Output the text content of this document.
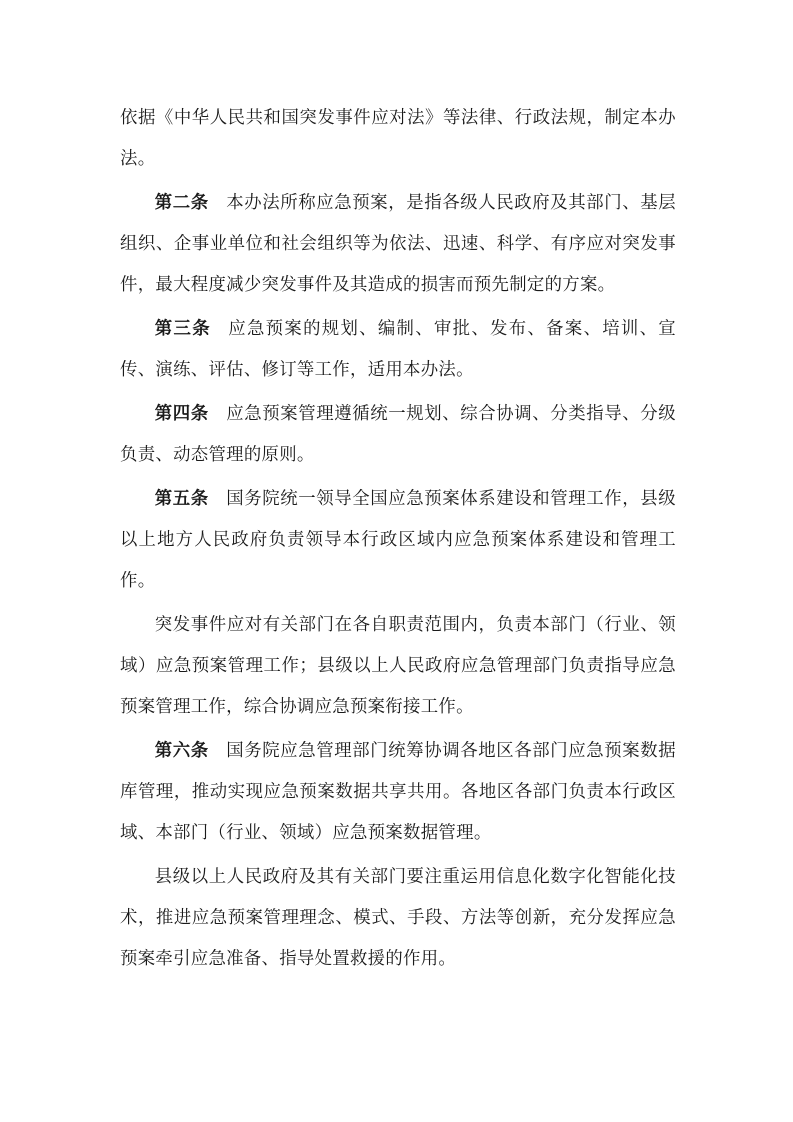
依据《中华人民共和国突发事件应对法》等法律、行政法规，制定本办法。

第二条 本办法所称应急预案，是指各级人民政府及其部门、基层组织、企事业单位和社会组织等为依法、迅速、科学、有序应对突发事件，最大程度减少突发事件及其造成的损害而预先制定的方案。

第三条 应急预案的规划、编制、审批、发布、备案、培训、宣传、演练、评估、修订等工作，适用本办法。

第四条 应急预案管理遵循统一规划、综合协调、分类指导、分级负责、动态管理的原则。

第五条 国务院统一领导全国应急预案体系建设和管理工作，县级以上地方人民政府负责领导本行政区域内应急预案体系建设和管理工作。

突发事件应对有关部门在各自职责范围内，负责本部门（行业、领域）应急预案管理工作；县级以上人民政府应急管理部门负责指导应急预案管理工作，综合协调应急预案衔接工作。

第六条 国务院应急管理部门统筹协调各地区各部门应急预案数据库管理，推动实现应急预案数据共享共用。各地区各部门负责本行政区域、本部门（行业、领域）应急预案数据管理。

县级以上人民政府及其有关部门要注重运用信息化数字化智能化技术，推进应急预案管理理念、模式、手段、方法等创新，充分发挥应急预案牵引应急准备、指导处置救援的作用。
